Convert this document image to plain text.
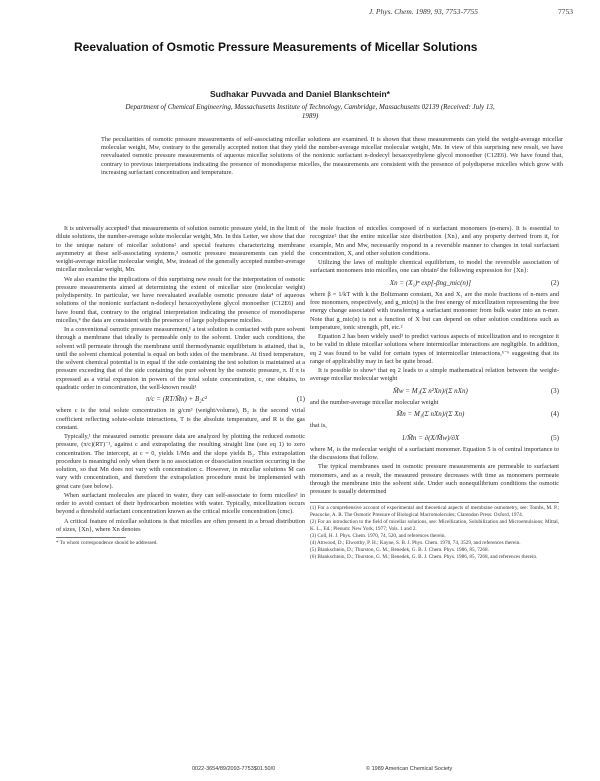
J. Phys. Chem. 1989, 93, 7753-7755	7753
Reevaluation of Osmotic Pressure Measurements of Micellar Solutions
Sudhakar Puvvada and Daniel Blankschtein*
Department of Chemical Engineering, Massachusetts Institute of Technology, Cambridge, Massachusetts 02139 (Received: July 13, 1989)
The peculiarities of osmotic pressure measurements of self-associating micellar solutions are examined. It is shown that these measurements can yield the weight-average micellar molecular weight, Mw, contrary to the generally accepted notion that they yield the number-average micellar molecular weight, Mn. In view of this surprising new result, we have reevaluated osmotic pressure measurements of aqueous micellar solutions of the nonionic surfactant n-dodecyl hexaoxyethylene glycol monoether (C12E6). We have found that, contrary to previous interpretations indicating the presence of monodisperse micelles, the measurements are consistent with the presence of polydisperse micelles which grow with increasing surfactant concentration and temperature.

It is universally accepted¹ that measurements of solution osmotic pressure yield, in the limit of dilute solutions, the number-average solute molecular weight, Mn. In this Letter, we show that due to the unique nature of micellar solutions² and special features characterizing membrane asymmetry at these self-associating systems,³ osmotic pressure measurements can yield the weight-average micellar molecular weight, Mw, instead of the generally accepted number-average micellar molecular weight, Mn.

We also examine the implications of this surprising new result for the interpretation of osmotic pressure measurements aimed at determining the extent of micellar size (molecular weight) polydispersity. In particular, we have reevaluated available osmotic pressure data⁴ of aqueous solutions of the nonionic surfactant n-dodecyl hexaoxyethylene glycol monoether (C12E6) and have found that, contrary to the original interpretation indicating the presence of monodisperse micelles,⁴ the data are consistent with the presence of large polydisperse micelles.

In a conventional osmotic pressure measurement,¹ a test solution is contacted with pure solvent through a membrane that ideally is permeable only to the solvent. Under such conditions, the solvent will permeate through the membrane until thermodynamic equilibrium is attained, that is, until the solvent chemical potential is equal on both sides of the membrane. At fixed temperature, the solvent chemical potential is in equal if the side containing the test solution is maintained at a pressure exceeding that of the side containing the pure solvent by the osmotic pressure, π. If π is expressed as a virial expansion in powers of the total solute concentration, c, one obtains, to quadratic order in concentration, the well-known result¹

π/c = (RT/M̄n) + B₂c²	(1)

where c is the total solute concentration in g/cm³ (weight/volume), B₂ is the second virial coefficient reflecting solute-solute interactions, T is the absolute temperature, and R is the gas constant.

Typically,¹ the measured osmotic pressure data are analyzed by plotting the reduced osmotic pressure, (π/c)(RT)⁻¹, against c and extrapolating the resulting straight line (see eq 1) to zero concentration. The intercept, at c = 0, yields 1/Mn and the slope yields B₂. This extrapolation procedure is meaningful only when there is no association or dissociation reaction occurring in the solution, so that Mn does not vary with concentration c. However, in micellar solutions M̄ can vary with concentration, and therefore the extrapolation procedure must be implemented with great care (see below).

When surfactant molecules are placed in water, they can self-associate to form micelles³ in order to avoid contact of their hydrocarbon moieties with water. Typically, micellization occurs beyond a threshold surfactant concentration known as the critical micelle concentration (cmc).

A critical feature of micellar solutions is that micelles are often present in a broad distribution of sizes, {Xn}, where Xn denotes

* To whom correspondence should be addressed.

the mole fraction of micelles composed of n surfactant monomers (n-mers). It is essential to recognize² that the entire micellar size distribution {Xn}, and any property derived from it, for example, Mn and Mw, necessarily respond in a reversible manner to changes in total surfactant concentration, X, and other solution conditions.

Utilizing the laws of multiple chemical equilibrium, to model the reversible association of surfactant monomers into micelles, one can obtain² the following expression for {Xn}:

Xn = (X₁)ⁿ exp[-βng_mic(n)]	(2)

where β = 1/kT with k the Boltzmann constant, Xn and X₁ are the mole fractions of n-mers and free monomers, respectively, and g_mic(n) is the free energy of micellization representing the free energy change associated with transferring a surfactant monomer from bulk water into an n-mer. Note that g_mic(n) is not a function of X but can depend on other solution conditions such as temperature, ionic strength, pH, etc.²

Equation 2 has been widely used³ to predict various aspects of micellization and to recognize it to be valid in dilute micellar solutions where intermicellar interactions are negligible. In addition, eq 2 was found to be valid for certain types of intermicellar interactions,⁵⁻⁶ suggesting that its range of applicability may in fact be quite broad.

It is possible to show⁶ that eq 2 leads to a simple mathematical relation between the weight-average micellar molecular weight

M̄w = M₁(Σ n²Xn)/(Σ nXn)	(3)

and the number-average micellar molecular weight

M̄n = M₁(Σ nXn)/(Σ Xn)	(4)

that is,

1/M̄n = ∂(X/M̄w)/∂X	(5)

where M₁ is the molecular weight of a surfactant monomer. Equation 5 is of central importance to the discussions that follow.

The typical membranes used in osmotic pressure measurements are permeable to surfactant monomers, and as a result, the measured pressure decreases with time as monomers permeate through the membrane into the solvent side. Under such nonequilibrium conditions the osmotic pressure is usually determined

(1) For a comprehensive account of experimental and theoretical aspects of membrane osmometry, see: Tombs, M. P.; Peacocke, A. R. The Osmotic Pressure of Biological Macromolecules; Clarendon Press: Oxford, 1974.
(2) For an introduction to the field of micellar solutions, see: Micellization, Solubilization and Microemulsions; Mittal, K. L., Ed.; Plenum: New York, 1977; Vols. 1 and 2.
(3) Coll, H. J. Phys. Chem. 1970, 74, 520, and references therein.
(4) Attwood, D.; Elworthy, P. H.; Kayne, S. B. J. Phys. Chem. 1970, 74, 3529, and references therein.
(5) Blankschtein, D.; Thurston, G. M.; Benedek, G. B. J. Chem. Phys. 1986, 85, 7268.
(6) Blankschtein, D.; Thurston, G. M.; Benedek, G. B. J. Chem. Phys. 1986, 85, 7268, and references therein.
0022-3654/89/2093-7753$01.50/0	© 1989 American Chemical Society
